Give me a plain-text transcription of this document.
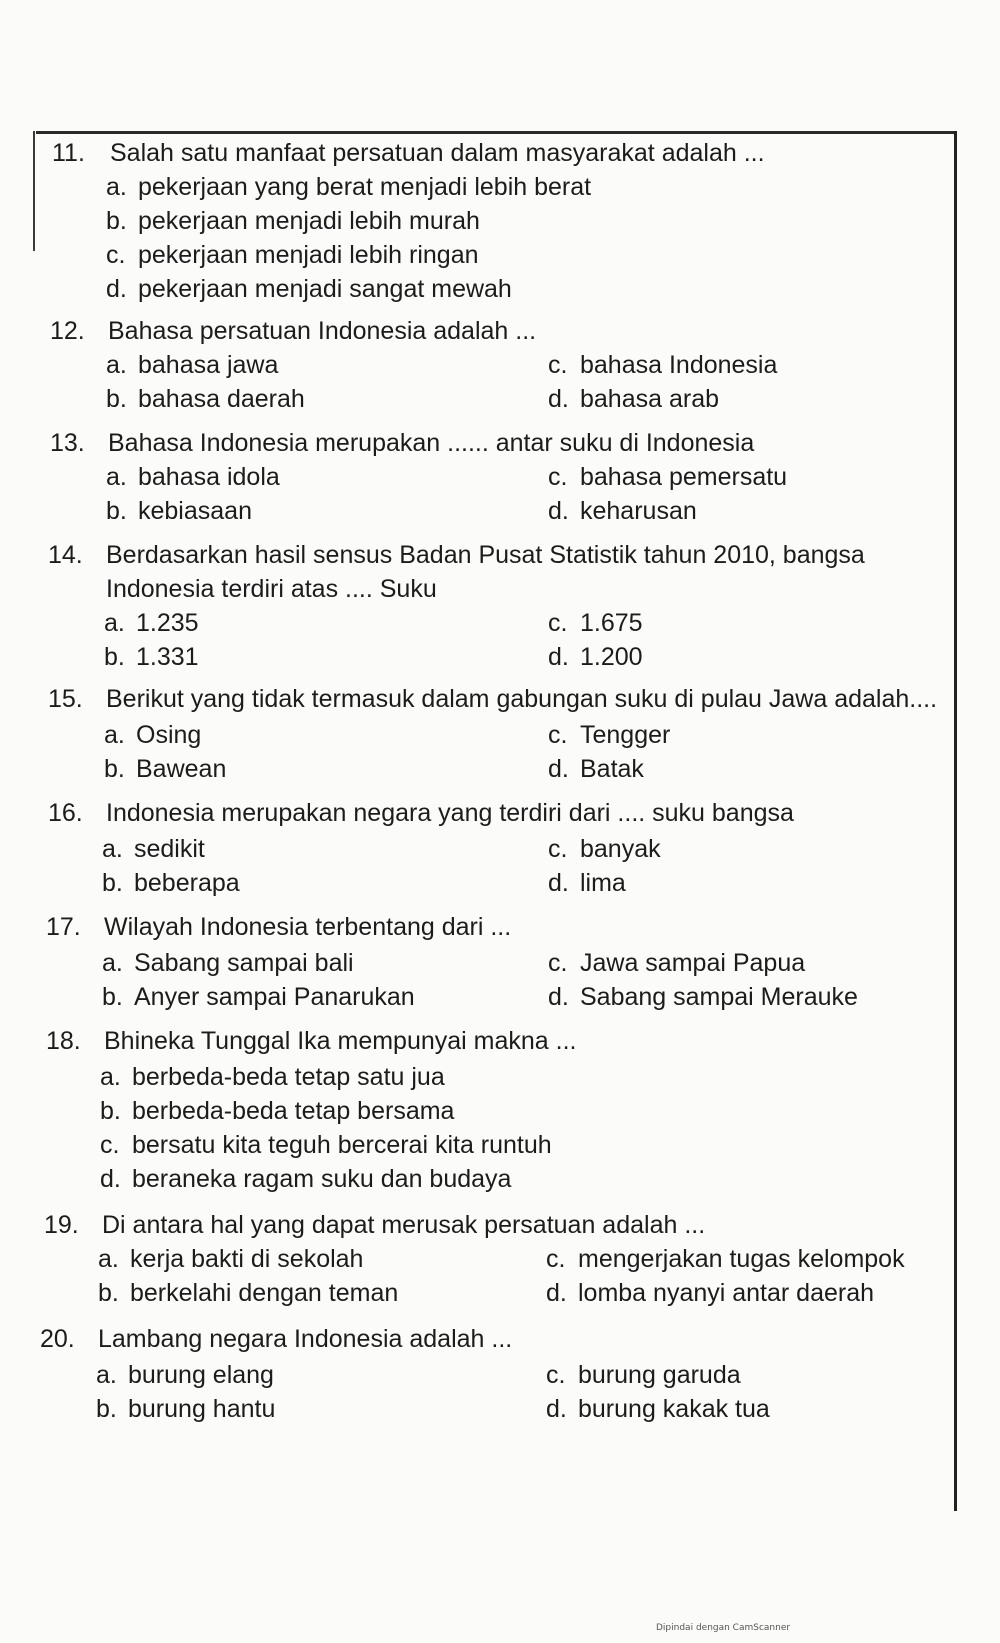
11. Salah satu manfaat persatuan dalam masyarakat adalah ...
a. pekerjaan yang berat menjadi lebih berat
b. pekerjaan menjadi lebih murah
c. pekerjaan menjadi lebih ringan
d. pekerjaan menjadi sangat mewah
12. Bahasa persatuan Indonesia adalah ...
a. bahasa jawa
b. bahasa daerah
c. bahasa Indonesia
d. bahasa arab
13. Bahasa Indonesia merupakan ...... antar suku di Indonesia
a. bahasa idola
b. kebiasaan
c. bahasa pemersatu
d. keharusan
14. Berdasarkan hasil sensus Badan Pusat Statistik tahun 2010, bangsa
Indonesia terdiri atas .... Suku
a. 1.235
b. 1.331
c. 1.675
d. 1.200
15. Berikut yang tidak termasuk dalam gabungan suku di pulau Jawa adalah....
a. Osing
b. Bawean
c. Tengger
d. Batak
16. Indonesia merupakan negara yang terdiri dari .... suku bangsa
a. sedikit
b. beberapa
c. banyak
d. lima
17. Wilayah Indonesia terbentang dari ...
a. Sabang sampai bali
b. Anyer sampai Panarukan
c. Jawa sampai Papua
d. Sabang sampai Merauke
18. Bhineka Tunggal Ika mempunyai makna ...
a. berbeda-beda tetap satu jua
b. berbeda-beda tetap bersama
c. bersatu kita teguh bercerai kita runtuh
d. beraneka ragam suku dan budaya
19. Di antara hal yang dapat merusak persatuan adalah ...
a. kerja bakti di sekolah
b. berkelahi dengan teman
c. mengerjakan tugas kelompok
d. lomba nyanyi antar daerah
20. Lambang negara Indonesia adalah ...
a. burung elang
b. burung hantu
c. burung garuda
d. burung kakak tua
Dipindai dengan CamScanner
